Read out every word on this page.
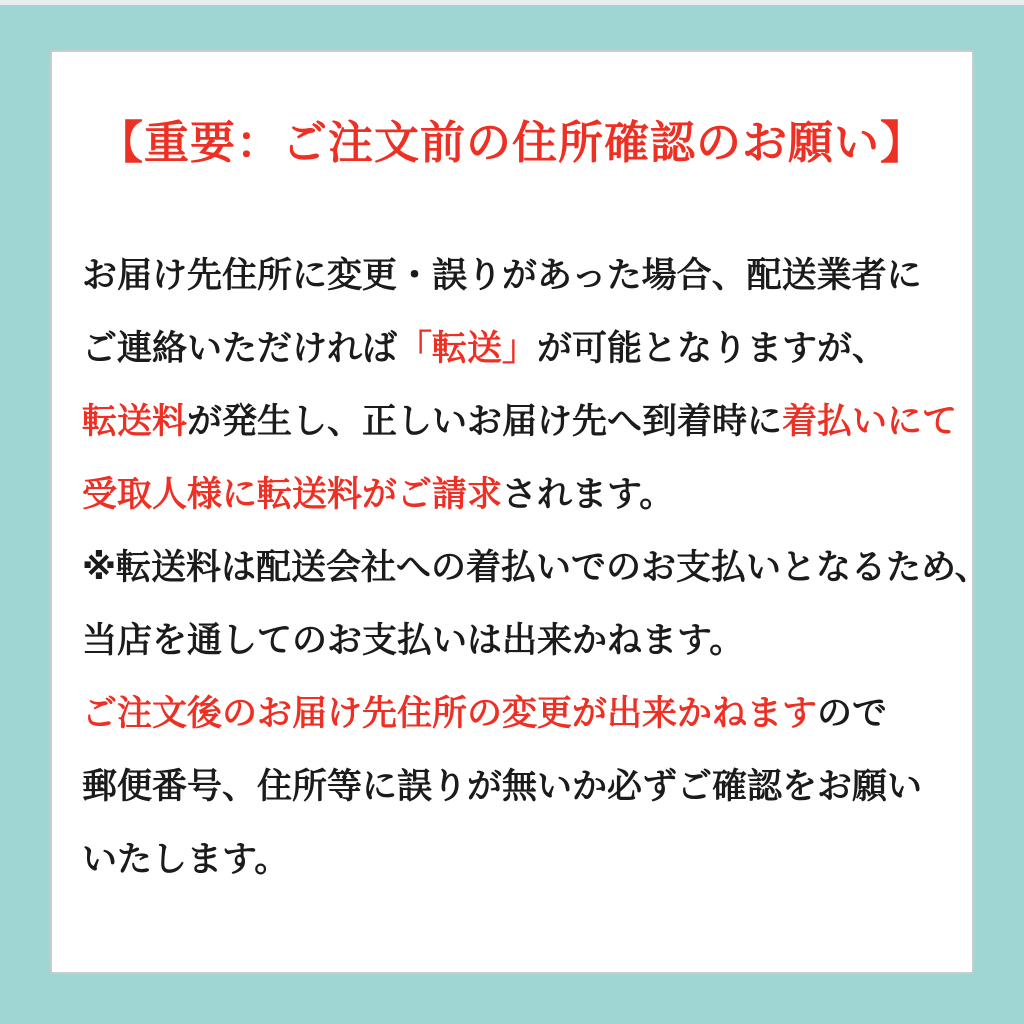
【重要：ご注文前の住所確認のお願い】
お届け先住所に変更・誤りがあった場合、配送業者に
ご連絡いただければ「転送」が可能となりますが、
転送料が発生し、正しいお届け先へ到着時に着払いにて
受取人様に転送料がご請求されます。
※転送料は配送会社への着払いでのお支払いとなるため、
当店を通してのお支払いは出来かねます。
ご注文後のお届け先住所の変更が出来かねますので
郵便番号、住所等に誤りが無いか必ずご確認をお願い
いたします。
